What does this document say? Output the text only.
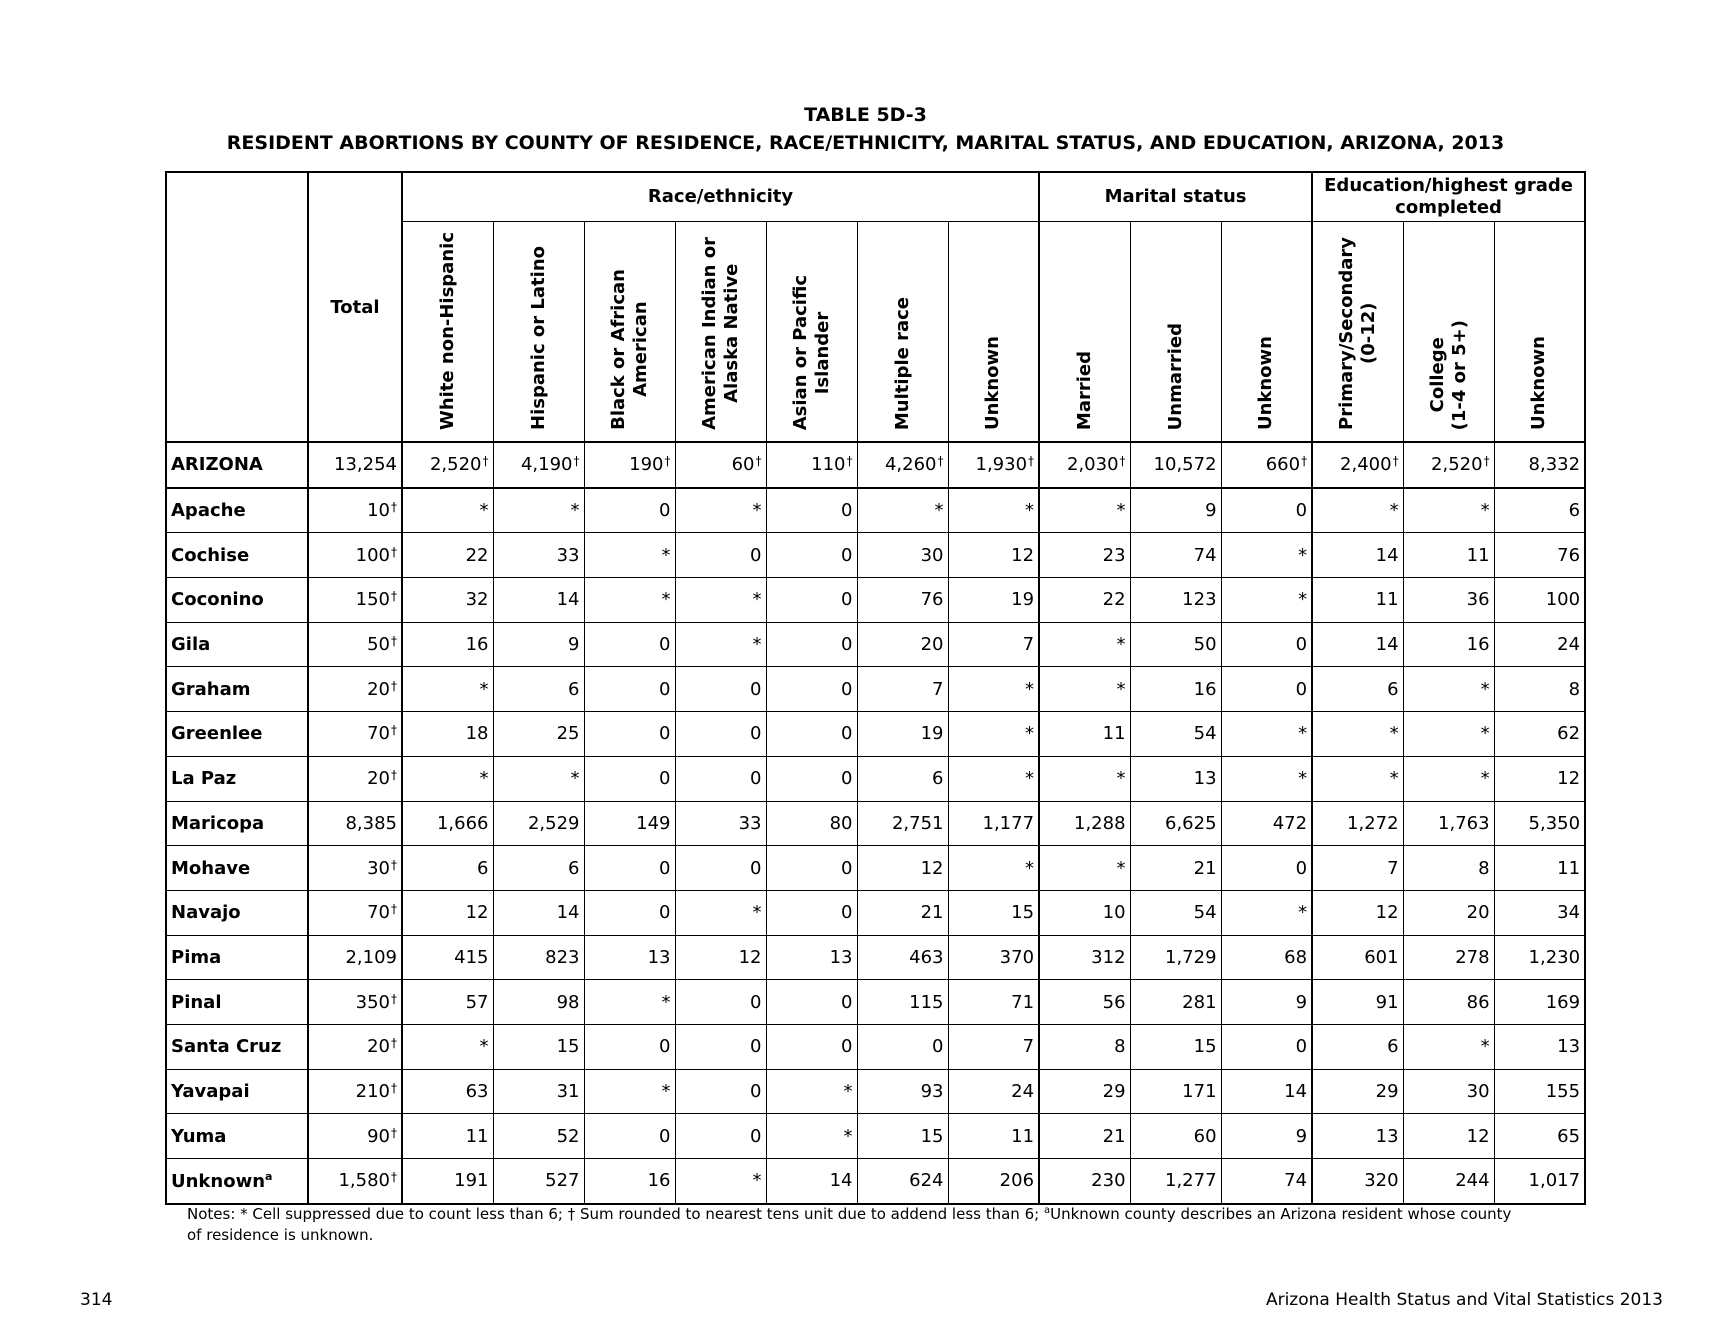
TABLE 5D-3
RESIDENT ABORTIONS BY COUNTY OF RESIDENCE, RACE/ETHNICITY, MARITAL STATUS, AND EDUCATION, ARIZONA, 2013
	Total	Race/ethnicity							Marital status			Education/highest grade
completed		
		White non-Hispanic	Hispanic or Latino	Black or African
American	American Indian or
Alaska Native	Asian or Pacific
Islander	Multiple race	Unknown	Married	Unmarried	Unknown	Primary/Secondary
(0-12)	College
(1-4 or 5+)	Unknown
ARIZONA	13,254	2,520†	4,190†	190†	60†	110†	4,260†	1,930†	2,030†	10,572	660†	2,400†	2,520†	8,332
Apache	10†	*	*	0	*	0	*	*	*	9	0	*	*	6
Cochise	100†	22	33	*	0	0	30	12	23	74	*	14	11	76
Coconino	150†	32	14	*	*	0	76	19	22	123	*	11	36	100
Gila	50†	16	9	0	*	0	20	7	*	50	0	14	16	24
Graham	20†	*	6	0	0	0	7	*	*	16	0	6	*	8
Greenlee	70†	18	25	0	0	0	19	*	11	54	*	*	*	62
La Paz	20†	*	*	0	0	0	6	*	*	13	*	*	*	12
Maricopa	8,385	1,666	2,529	149	33	80	2,751	1,177	1,288	6,625	472	1,272	1,763	5,350
Mohave	30†	6	6	0	0	0	12	*	*	21	0	7	8	11
Navajo	70†	12	14	0	*	0	21	15	10	54	*	12	20	34
Pima	2,109	415	823	13	12	13	463	370	312	1,729	68	601	278	1,230
Pinal	350†	57	98	*	0	0	115	71	56	281	9	91	86	169
Santa Cruz	20†	*	15	0	0	0	0	7	8	15	0	6	*	13
Yavapai	210†	63	31	*	0	*	93	24	29	171	14	29	30	155
Yuma	90†	11	52	0	0	*	15	11	21	60	9	13	12	65
Unknown$^a$	1,580†	191	527	16	*	14	624	206	230	1,277	74	320	244	1,017
Notes: * Cell suppressed due to count less than 6; † Sum rounded to nearest tens unit due to addend less than 6; $^a$Unknown county describes an Arizona resident whose county
of residence is unknown.
314	Arizona Health Status and Vital Statistics 2013
